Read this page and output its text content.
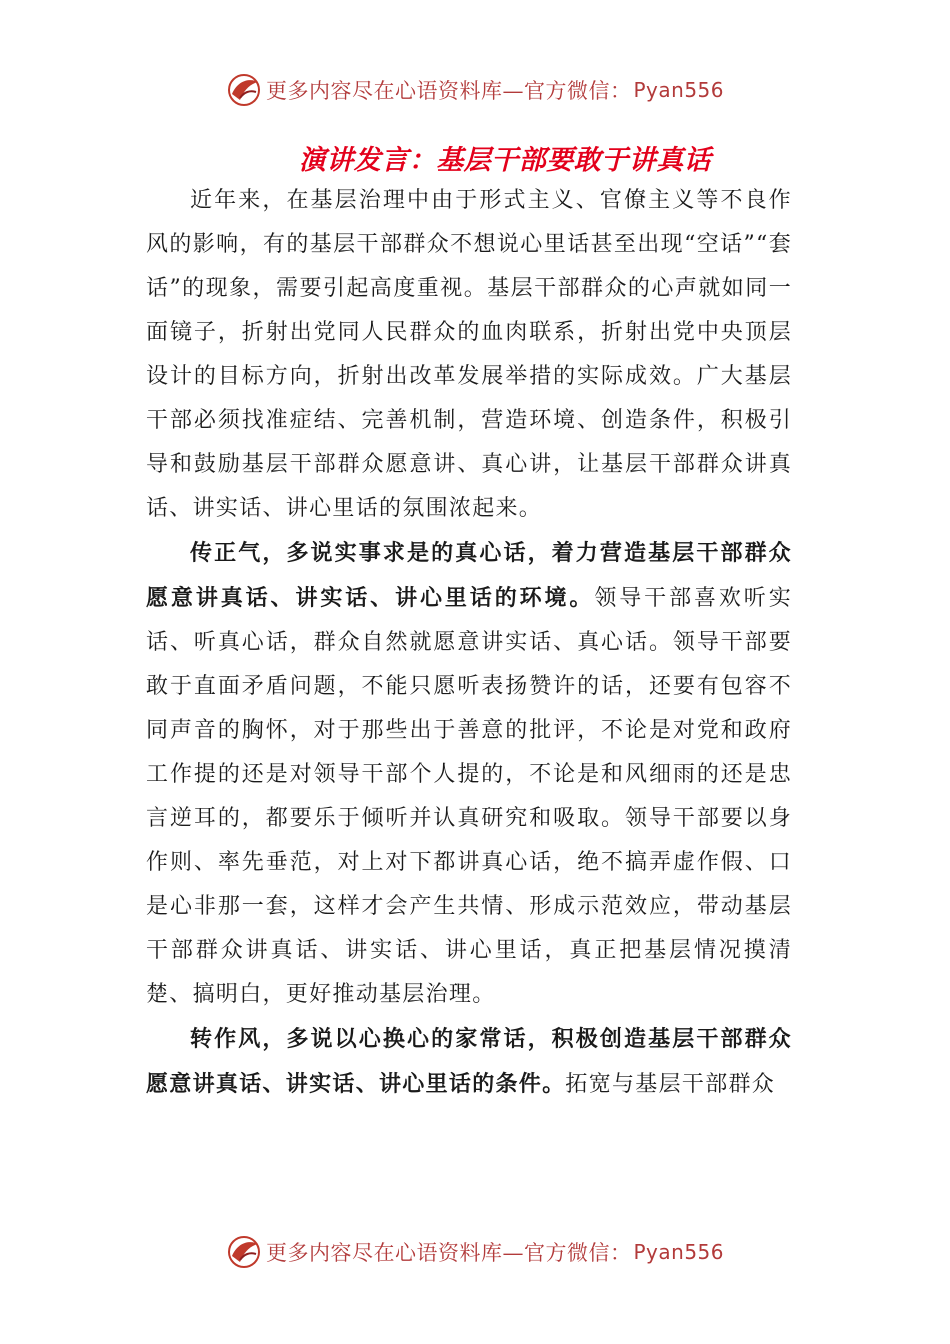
更多内容尽在心语资料库—官方微信： Pyan556
演讲发言：基层干部要敢于讲真话

近年来，在基层治理中由于形式主义、官僚主义等不良作风的影响，有的基层干部群众不想说心里话甚至出现“空话”“套话”的现象，需要引起高度重视。基层干部群众的心声就如同一面镜子，折射出党同人民群众的血肉联系，折射出党中央顶层设计的目标方向，折射出改革发展举措的实际成效。广大基层干部必须找准症结、完善机制，营造环境、创造条件，积极引导和鼓励基层干部群众愿意讲、真心讲，让基层干部群众讲真话、讲实话、讲心里话的氛围浓起来。

传正气，多说实事求是的真心话，着力营造基层干部群众愿意讲真话、讲实话、讲心里话的环境。领导干部喜欢听实话、听真心话，群众自然就愿意讲实话、真心话。领导干部要敢于直面矛盾问题，不能只愿听表扬赞许的话，还要有包容不同声音的胸怀，对于那些出于善意的批评，不论是对党和政府工作提的还是对领导干部个人提的，不论是和风细雨的还是忠言逆耳的，都要乐于倾听并认真研究和吸取。领导干部要以身作则、率先垂范，对上对下都讲真心话，绝不搞弄虚作假、口是心非那一套，这样才会产生共情、形成示范效应，带动基层干部群众讲真话、讲实话、讲心里话，真正把基层情况摸清楚、搞明白，更好推动基层治理。

转作风，多说以心换心的家常话，积极创造基层干部群众愿意讲真话、讲实话、讲心里话的条件。拓宽与基层干部群众

更多内容尽在心语资料库—官方微信： Pyan556
